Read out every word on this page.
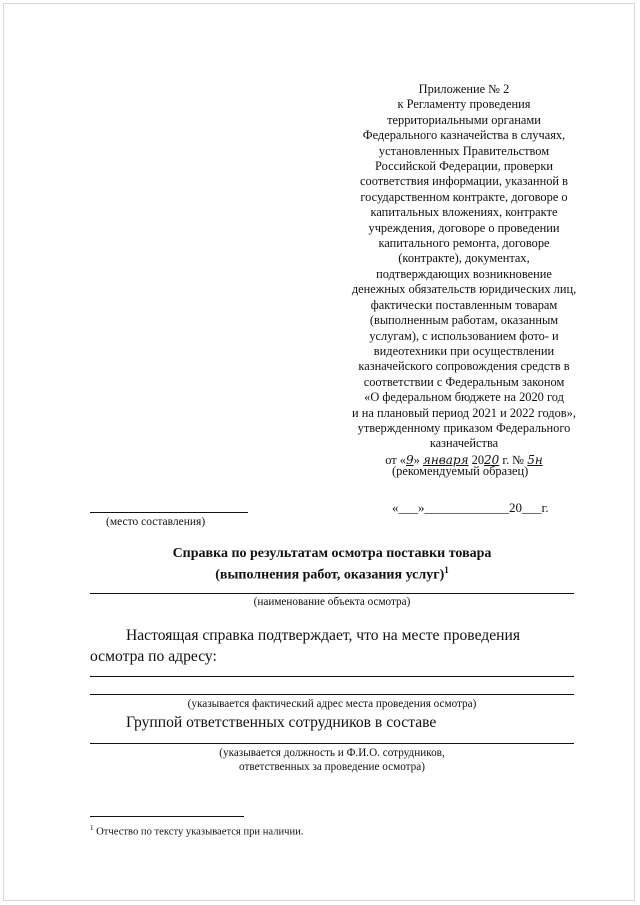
Приложение № 2
к Регламенту проведения
территориальными органами
Федерального казначейства в случаях,
установленных Правительством
Российской Федерации, проверки
соответствия информации, указанной в
государственном контракте, договоре о
капитальных вложениях, контракте
учреждения, договоре о проведении
капитального ремонта, договоре
(контракте), документах,
подтверждающих возникновение
денежных обязательств юридических лиц,
фактически поставленным товарам
(выполненным работам, оказанным
услугам), с использованием фото- и
видеотехники при осуществлении
казначейского сопровождения средств в
соответствии с Федеральным законом
«О федеральном бюджете на 2020 год
и на плановый период 2021 и 2022 годов»,
утвержденному приказом Федерального
казначейства
от «9» января 2020 г. № 5н
(рекомендуемый образец)
«___»_____________20___г.
(место составления)
Справка по результатам осмотра поставки товара
(выполнения работ, оказания услуг)$^1$
(наименование объекта осмотра)
Настоящая справка подтверждает, что на месте проведения осмотра по адресу:
(указывается фактический адрес места проведения осмотра)
Группой ответственных сотрудников в составе
(указывается должность и Ф.И.О. сотрудников,
ответственных за проведение осмотра)
$^1$ Отчество по тексту указывается при наличии.
